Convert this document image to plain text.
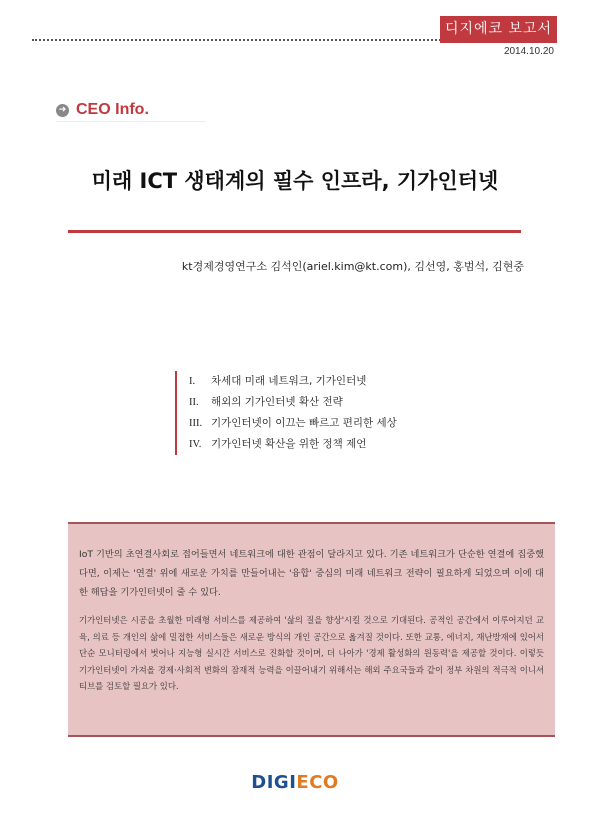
디지에코 보고서
2014.10.20
➜ CEO Info.
미래 ICT 생태계의 필수 인프라, 기가인터넷
kt경제경영연구소 김석인(ariel.kim@kt.com), 김선영, 홍범석, 김현중
I. 차세대 미래 네트워크, 기가인터넷
II. 해외의 기가인터넷 확산 전략
III. 기가인터넷이 이끄는 빠르고 편리한 세상
IV. 기가인터넷 확산을 위한 정책 제언

IoT 기반의 초연결사회로 접어들면서 네트워크에 대한 관점이 달라지고 있다. 기존 네트워크가 단순한 연결에 집중했다면, 이제는 '연결' 위에 새로운 가치를 만들어내는 '융합' 중심의 미래 네트워크 전략이 필요하게 되었으며 이에 대한 해답을 기가인터넷이 줄 수 있다.

기가인터넷은 시공을 초월한 미래형 서비스를 제공하여 '삶의 질을 향상'시킬 것으로 기대된다. 공적인 공간에서 이루어지던 교육, 의료 등 개인의 삶에 밀접한 서비스들은 새로운 방식의 개인 공간으로 옮겨질 것이다. 또한 교통, 에너지, 재난방재에 있어서 단순 모니터링에서 벗어나 지능형 실시간 서비스로 진화할 것이며, 더 나아가 '경제 활성화의 원동력'을 제공할 것이다. 이렇듯 기가인터넷이 가져올 경제·사회적 변화의 잠재적 능력을 이끌어내기 위해서는 해외 주요국들과 같이 정부 차원의 적극적 이니셔티브를 검토할 필요가 있다.

DIGIECO
